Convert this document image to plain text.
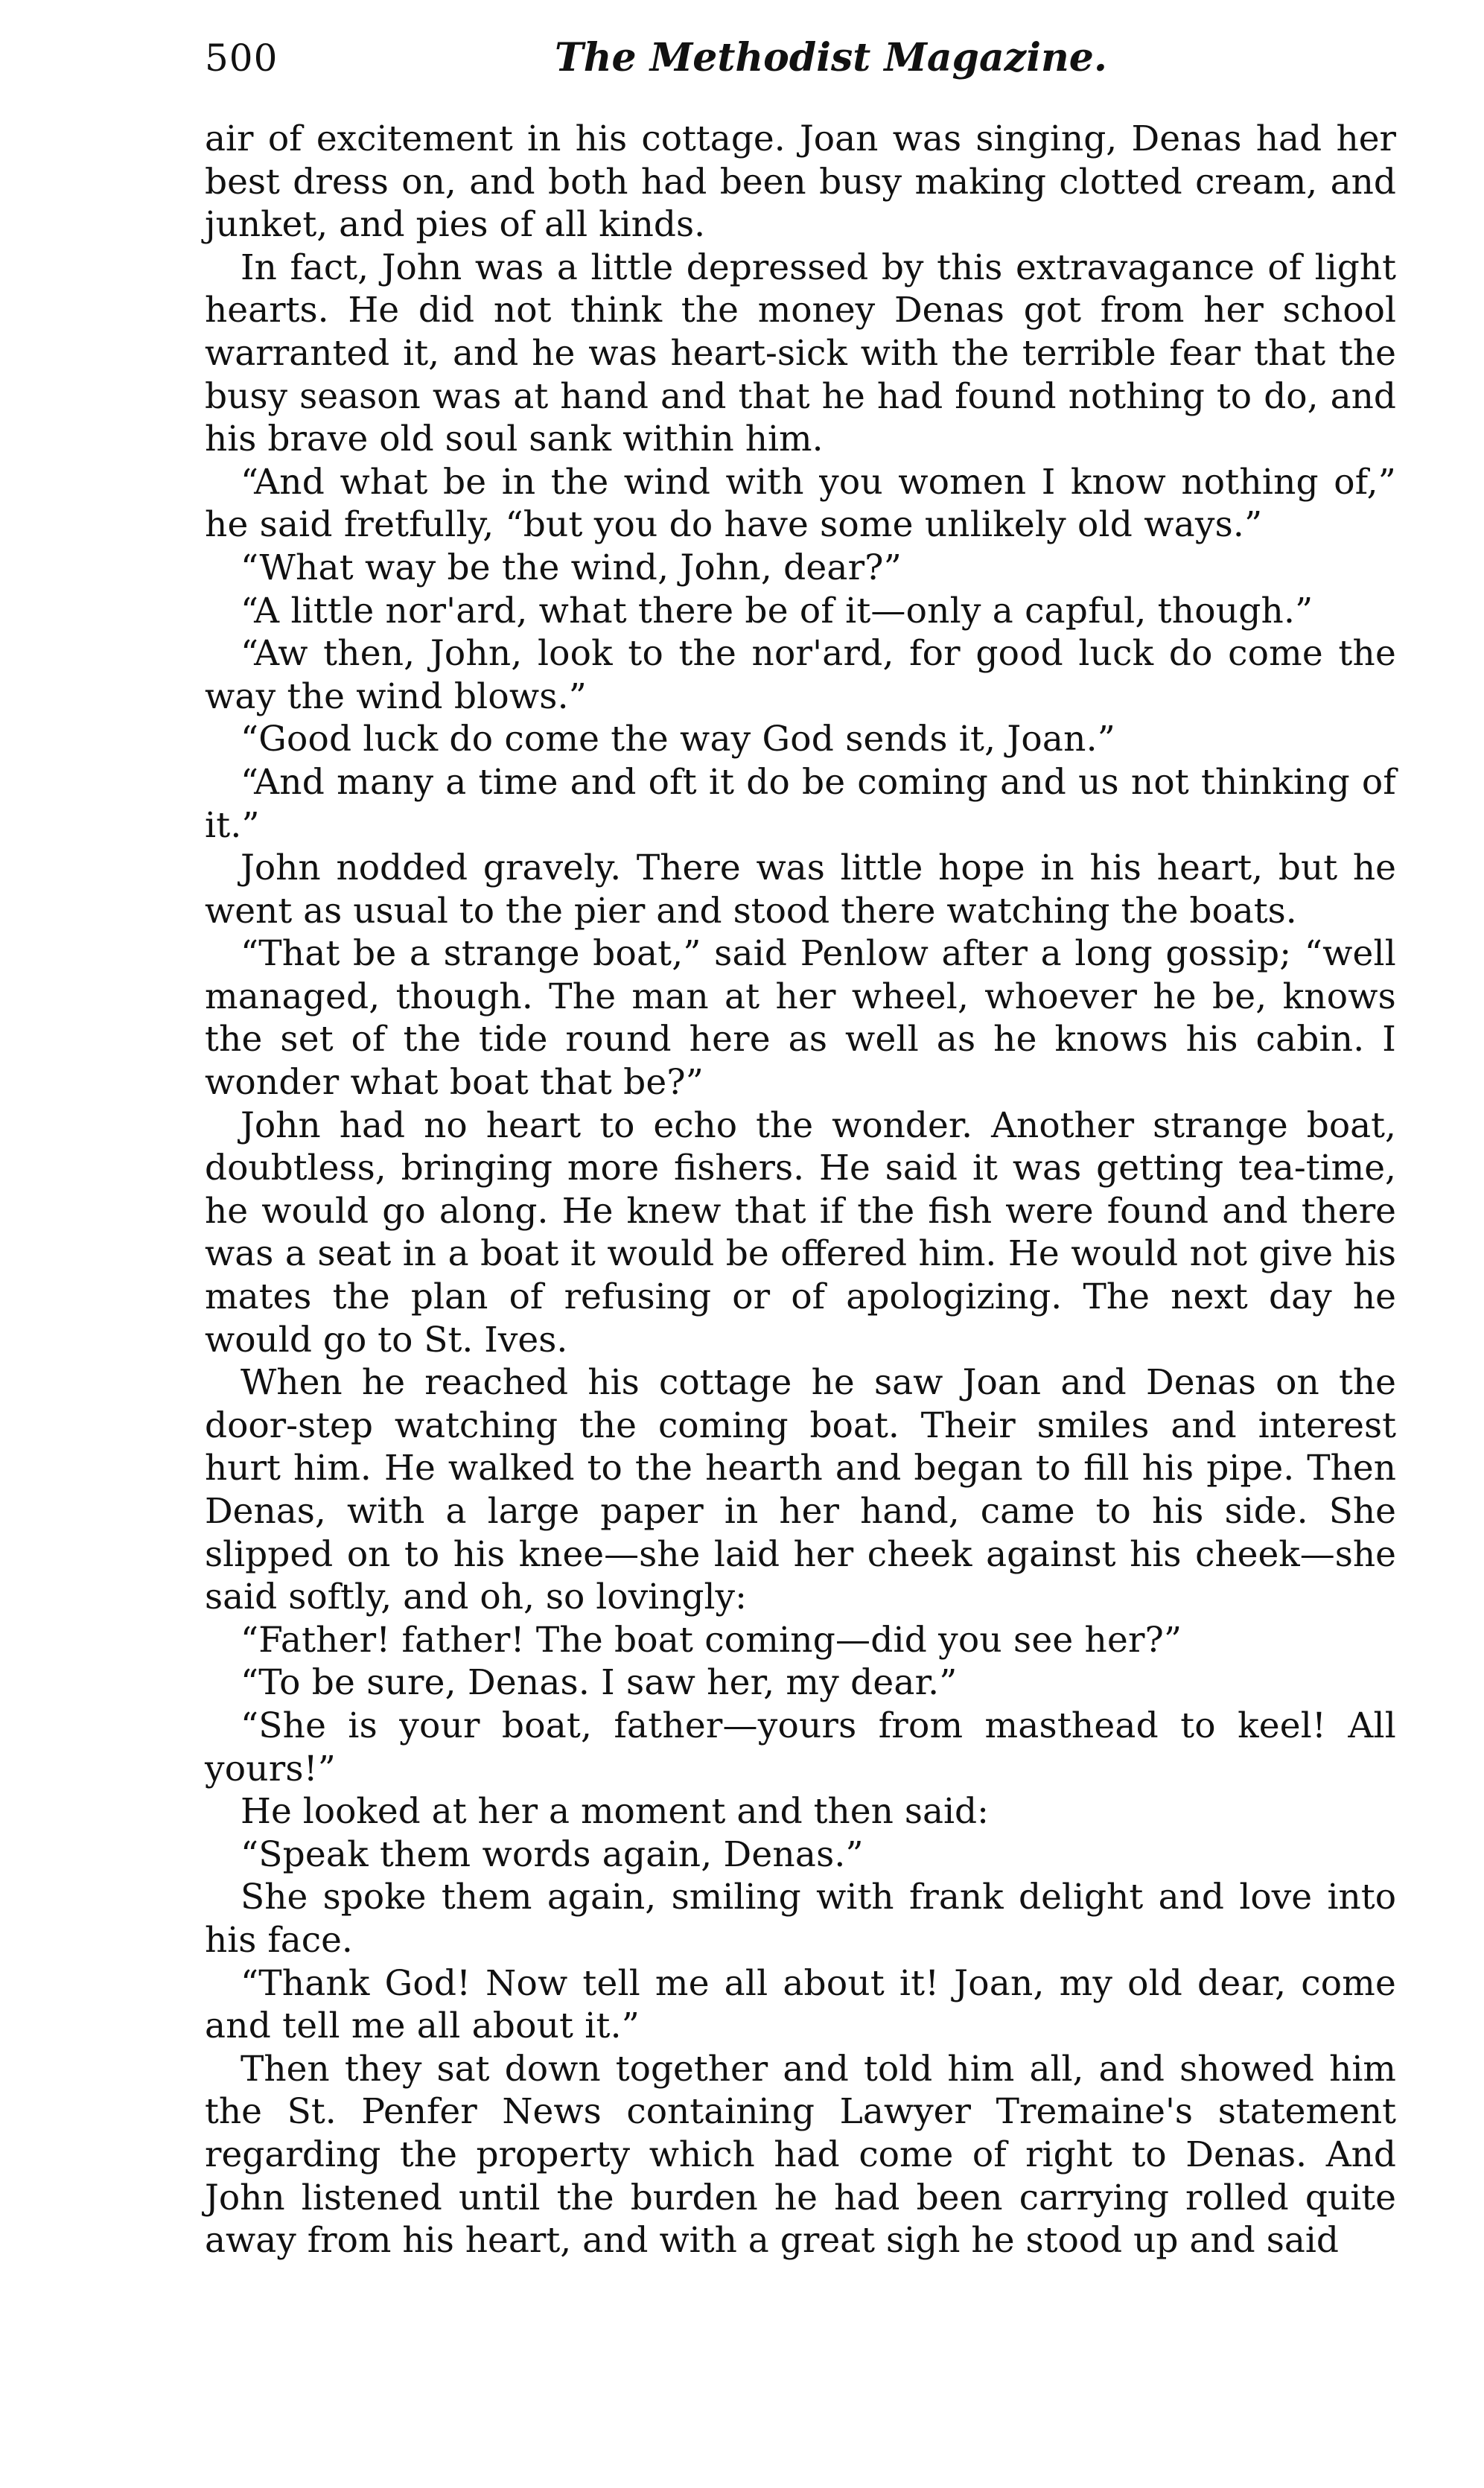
500	The Methodist Magazine.

air of excitement in his cottage. Joan was singing, Denas had her best dress on, and both had been busy making clotted cream, and junket, and pies of all kinds.

In fact, John was a little depressed by this extravagance of light hearts. He did not think the money Denas got from her school warranted it, and he was heart-sick with the terrible fear that the busy season was at hand and that he had found nothing to do, and his brave old soul sank within him.

“And what be in the wind with you women I know nothing of,” he said fretfully, “but you do have some unlikely old ways.”

“What way be the wind, John, dear?”

“A little nor'ard, what there be of it—only a capful, though.”

“Aw then, John, look to the nor'ard, for good luck do come the way the wind blows.”

“Good luck do come the way God sends it, Joan.”

“And many a time and oft it do be coming and us not thinking of it.”

John nodded gravely. There was little hope in his heart, but he went as usual to the pier and stood there watching the boats.

“That be a strange boat,” said Penlow after a long gossip; “well managed, though. The man at her wheel, whoever he be, knows the set of the tide round here as well as he knows his cabin. I wonder what boat that be?”

John had no heart to echo the wonder. Another strange boat, doubtless, bringing more fishers. He said it was getting tea-time, he would go along. He knew that if the fish were found and there was a seat in a boat it would be offered him. He would not give his mates the plan of refusing or of apologizing. The next day he would go to St. Ives.

When he reached his cottage he saw Joan and Denas on the door-step watching the coming boat. Their smiles and interest hurt him. He walked to the hearth and began to fill his pipe. Then Denas, with a large paper in her hand, came to his side. She slipped on to his knee—she laid her cheek against his cheek—she said softly, and oh, so lovingly:

“Father! father! The boat coming—did you see her?”

“To be sure, Denas. I saw her, my dear.”

“She is your boat, father—yours from masthead to keel! All yours!”

He looked at her a moment and then said:

“Speak them words again, Denas.”

She spoke them again, smiling with frank delight and love into his face.

“Thank God! Now tell me all about it! Joan, my old dear, come and tell me all about it.”

Then they sat down together and told him all, and showed him the St. Penfer News containing Lawyer Tremaine's statement regarding the property which had come of right to Denas. And John listened until the burden he had been carrying rolled quite away from his heart, and with a great sigh he stood up and said
